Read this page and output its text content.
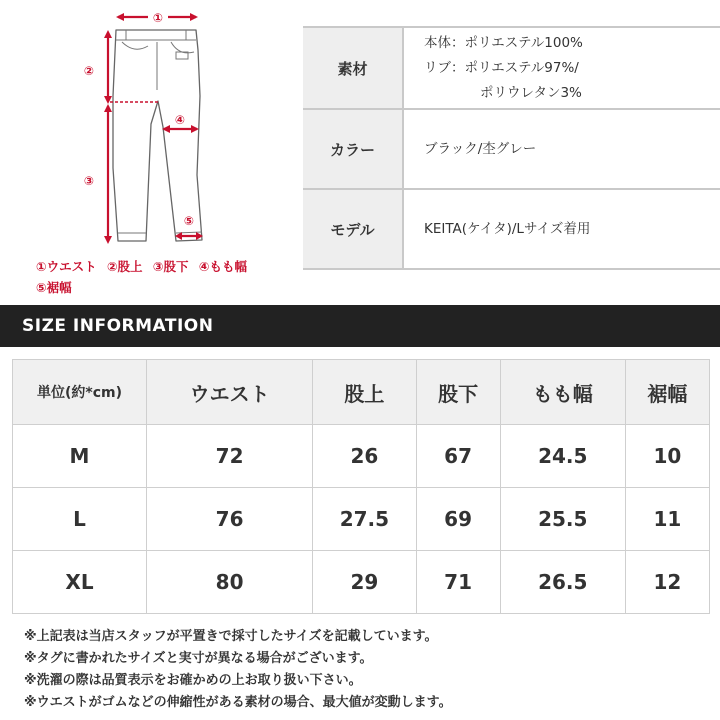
①
②
③
④
⑤
①ウエスト ②股上 ③股下 ④もも幅
⑤裾幅
素材	本体：ポリエステル100%
リブ：ポリエステル97%/
ポリウレタン3%

カラー	ブラック/杢グレー
モデル	KEITA(ケイタ)/Lサイズ着用
SIZE INFORMATION
単位(約*cm)	ウエスト	股上	股下	もも幅	裾幅
M	72	26	67	24.5	10
L	76	27.5	69	25.5	11
XL	80	29	71	26.5	12
※上記表は当店スタッフが平置きで採寸したサイズを記載しています。
※タグに書かれたサイズと実寸が異なる場合がございます。
※洗濯の際は品質表示をお確かめの上お取り扱い下さい。
※ウエストがゴムなどの伸縮性がある素材の場合、最大値が変動します。
